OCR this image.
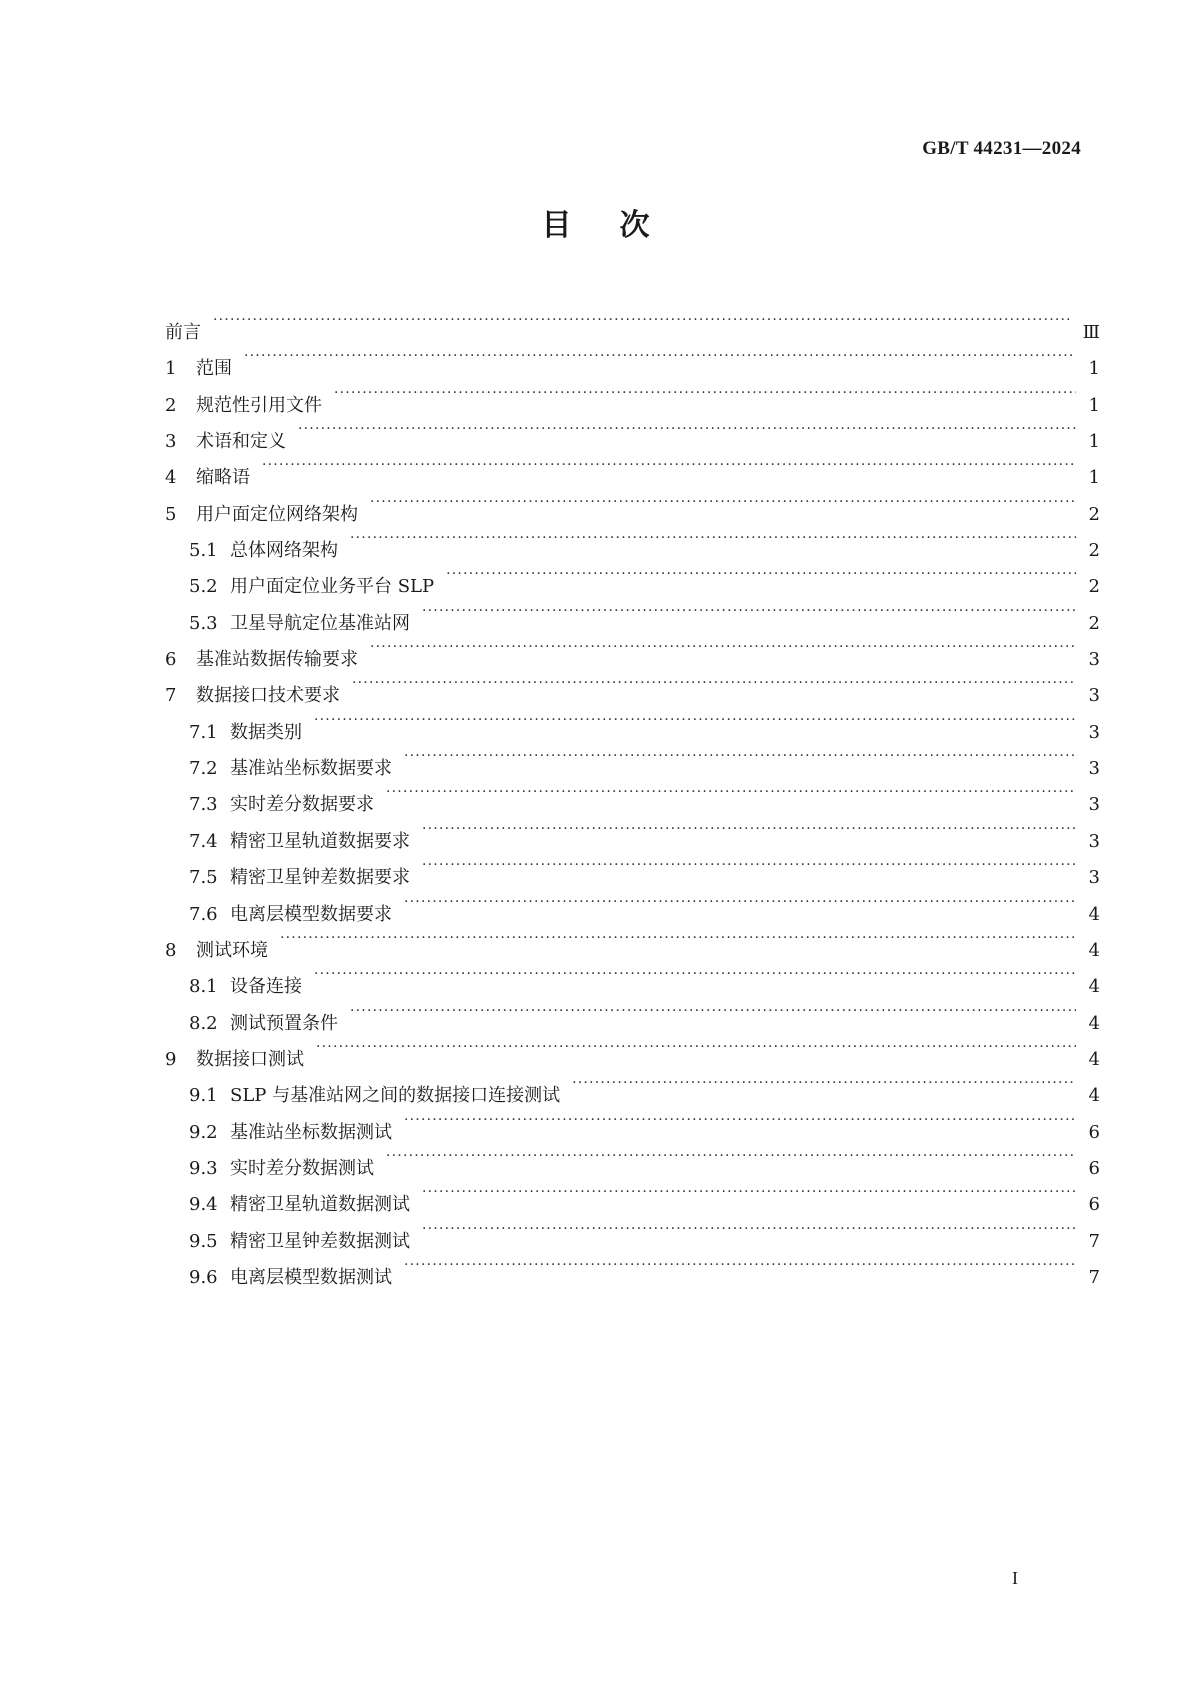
GB/T 44231—2024
目次
前言 ·····	Ⅲ
1	范围 ·····	1
2	规范性引用文件 ·····	1
3	术语和定义 ·····	1
4	缩略语 ·····	1
5	用户面定位网络架构 ·····	2
5.1 总体网络架构 ·····	2
5.2 用户面定位业务平台 SLP ·····	2
5.3 卫星导航定位基准站网 ·····	2
6	基准站数据传输要求 ·····	3
7	数据接口技术要求 ·····	3
7.1 数据类别 ·····	3
7.2 基准站坐标数据要求 ·····	3
7.3 实时差分数据要求 ·····	3
7.4 精密卫星轨道数据要求 ·····	3
7.5 精密卫星钟差数据要求 ·····	3
7.6 电离层模型数据要求 ·····	4
8	测试环境 ·····	4
8.1 设备连接 ·····	4
8.2 测试预置条件 ·····	4
9	数据接口测试 ·····	4
9.1 SLP 与基准站网之间的数据接口连接测试 ·····	4
9.2 基准站坐标数据测试 ·····	6
9.3 实时差分数据测试 ·····	6
9.4 精密卫星轨道数据测试 ·····	6
9.5 精密卫星钟差数据测试 ·····	7
9.6 电离层模型数据测试 ·····	7
I
